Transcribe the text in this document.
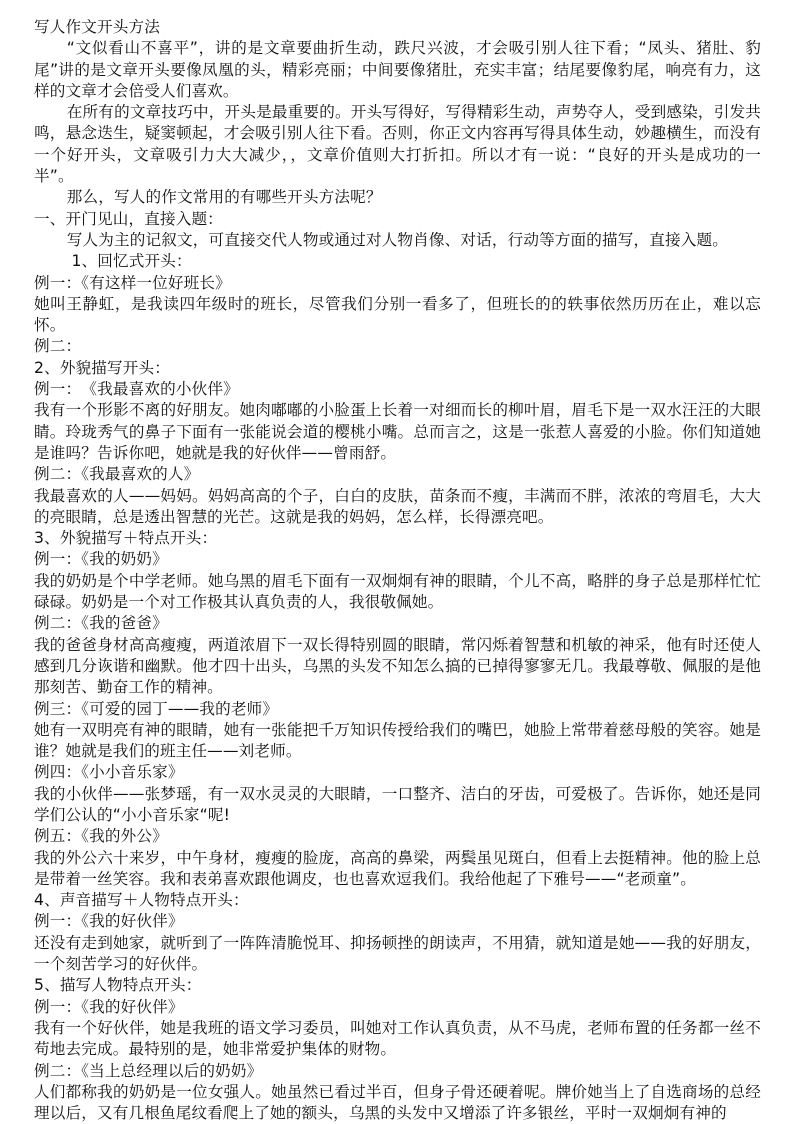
写人作文开头方法

“文似看山不喜平”，讲的是文章要曲折生动，跌尺兴波，才会吸引别人往下看；“凤头、猪肚、豹尾”讲的是文章开头要像凤凰的头，精彩亮丽；中间要像猪肚，充实丰富；结尾要像豹尾，响亮有力，这样的文章才会倍受人们喜欢。

在所有的文章技巧中，开头是最重要的。开头写得好，写得精彩生动，声势夺人，受到感染，引发共鸣，悬念迭生，疑窦顿起，才会吸引别人往下看。否则，你正文内容再写得具体生动，妙趣横生，而没有一个好开头，文章吸引力大大减少，，文章价值则大打折扣。所以才有一说：“良好的开头是成功的一半”。

那么，写人的作文常用的有哪些开头方法呢？

一、开门见山，直接入题：

写人为主的记叙文，可直接交代人物或通过对人物肖像、对话，行动等方面的描写，直接入题。

1、回忆式开头：

例一：《有这样一位好班长》

她叫王静虹，是我读四年级时的班长，尽管我们分别一看多了，但班长的的轶事依然历历在止，难以忘怀。

例二：

2、外貌描写开头：

例一：　《我最喜欢的小伙伴》

我有一个形影不离的好朋友。她肉嘟嘟的小脸蛋上长着一对细而长的柳叶眉，眉毛下是一双水汪汪的大眼睛。玲珑秀气的鼻子下面有一张能说会道的樱桃小嘴。总而言之，这是一张惹人喜爱的小脸。你们知道她是谁吗？告诉你吧，她就是我的好伙伴——曾雨舒。

例二：《我最喜欢的人》

我最喜欢的人——妈妈。妈妈高高的个子，白白的皮肤，苗条而不瘦，丰满而不胖，浓浓的弯眉毛，大大的亮眼睛，总是透出智慧的光芒。这就是我的妈妈，怎么样，长得漂亮吧。

3、外貌描写＋特点开头：

例一：《我的奶奶》

我的奶奶是个中学老师。她乌黑的眉毛下面有一双炯炯有神的眼睛，个儿不高，略胖的身子总是那样忙忙碌碌。奶奶是一个对工作极其认真负责的人，我很敬佩她。

例二：《我的爸爸》

我的爸爸身材高高瘦瘦，两道浓眉下一双长得特别圆的眼睛，常闪烁着智慧和机敏的神采，他有时还使人感到几分诙谐和幽默。他才四十出头，乌黑的头发不知怎么搞的已掉得寥寥无几。我最尊敬、佩服的是他那刻苦、勤奋工作的精神。

例三：《可爱的园丁——我的老师》

她有一双明亮有神的眼睛，她有一张能把千万知识传授给我们的嘴巴，她脸上常带着慈母般的笑容。她是谁？她就是我们的班主任——刘老师。

例四：《小小音乐家》

我的小伙伴——张梦瑶，有一双水灵灵的大眼睛，一口整齐、洁白的牙齿，可爱极了。告诉你，她还是同学们公认的“小小音乐家“呢!

例五：《我的外公》

我的外公六十来岁，中午身材，瘦瘦的脸庞，高高的鼻梁，两鬓虽见斑白，但看上去挺精神。他的脸上总是带着一丝笑容。我和表弟喜欢跟他调皮，也也喜欢逗我们。我给他起了下雅号——“老顽童”。

4、声音描写＋人物特点开头：

例一：《我的好伙伴》

还没有走到她家，就听到了一阵阵清脆悦耳、抑扬顿挫的朗读声，不用猜，就知道是她——我的好朋友，一个刻苦学习的好伙伴。

5、描写人物特点开头：

例一：《我的好伙伴》

我有一个好伙伴，她是我班的语文学习委员，叫她对工作认真负责，从不马虎，老师布置的任务都一丝不苟地去完成。最特别的是，她非常爱护集体的财物。

例二：《当上总经理以后的奶奶》

人们都称我的奶奶是一位女强人。她虽然已看过半百，但身子骨还硬着呢。牌价她当上了自选商场的总经理以后，又有几根鱼尾纹看爬上了她的额头，乌黑的头发中又增添了许多银丝，平时一双炯炯有神的
